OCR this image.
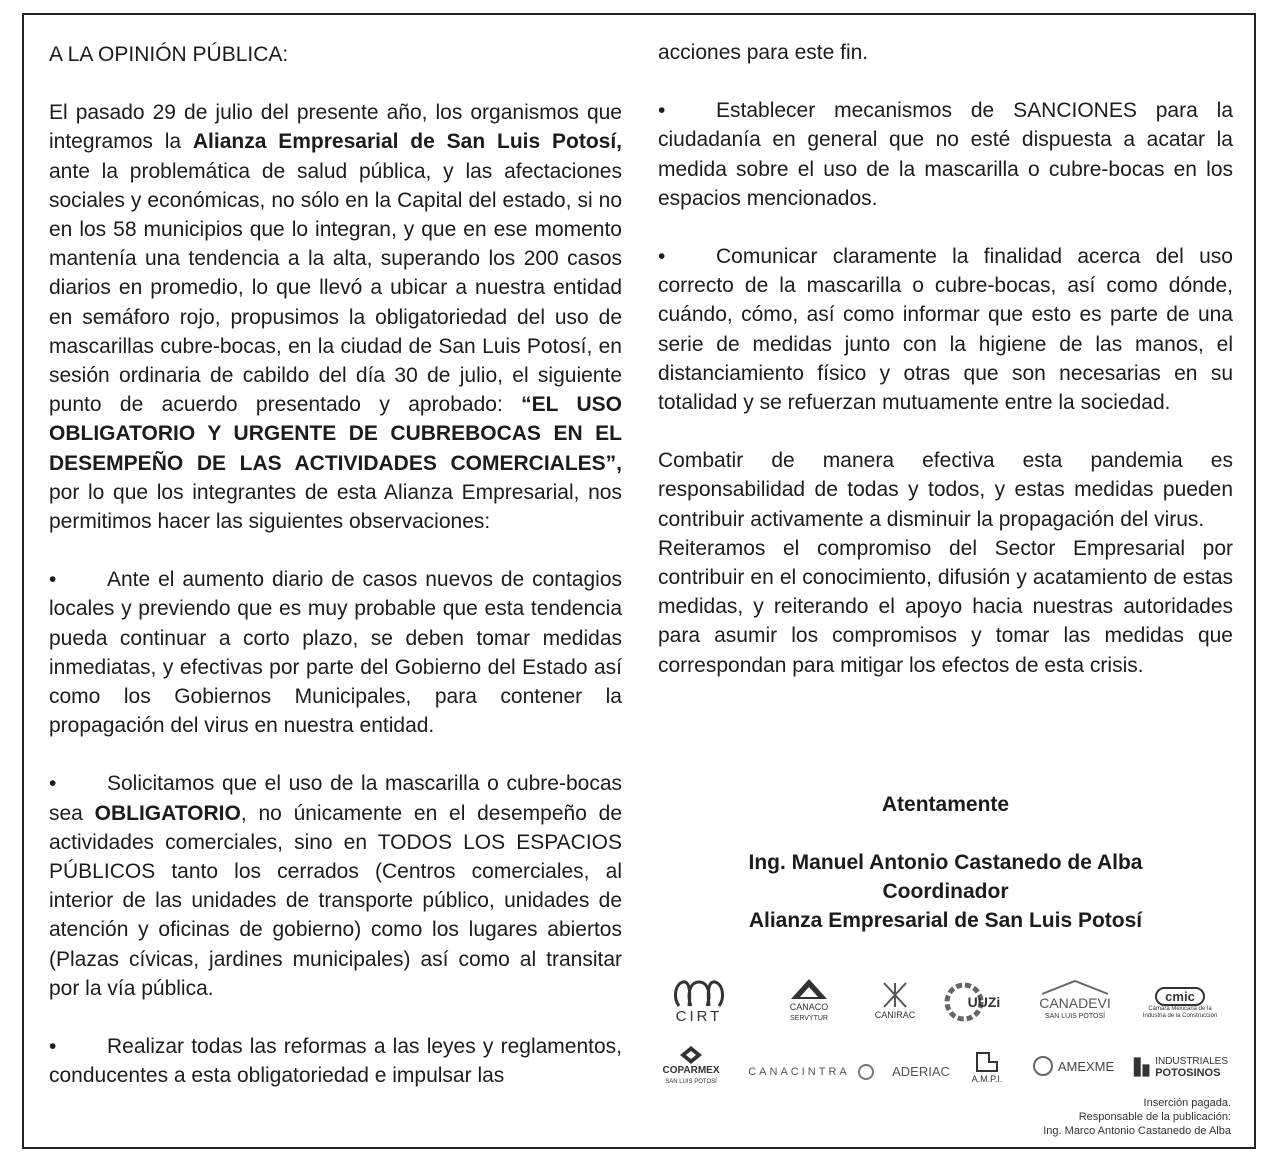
A LA OPINIÓN PÚBLICA:

El pasado 29 de julio del presente año, los organismos que integramos la Alianza Empresarial de San Luis Potosí, ante la problemática de salud pública, y las afectaciones sociales y económicas, no sólo en la Capital del estado, si no en los 58 municipios que lo integran, y que en ese momento mantenía una tendencia a la alta, superando los 200 casos diarios en promedio, lo que llevó a ubicar a nuestra entidad en semáforo rojo, propusimos la obligatoriedad del uso de mascarillas cubre-bocas, en la ciudad de San Luis Potosí, en sesión ordinaria de cabildo del día 30 de julio, el siguiente punto de acuerdo presentado y aprobado: “EL USO OBLIGATORIO Y URGENTE DE CUBREBOCAS EN EL DESEMPEÑO DE LAS ACTIVIDADES COMERCIALES”, por lo que los integrantes de esta Alianza Empresarial, nos permitimos hacer las siguientes observaciones:

• Ante el aumento diario de casos nuevos de contagios locales y previendo que es muy probable que esta tendencia pueda continuar a corto plazo, se deben tomar medidas inmediatas, y efectivas por parte del Gobierno del Estado así como los Gobiernos Municipales, para contener la propagación del virus en nuestra entidad.

• Solicitamos que el uso de la mascarilla o cubre-bocas sea OBLIGATORIO, no únicamente en el desempeño de actividades comerciales, sino en TODOS LOS ESPACIOS PÚBLICOS tanto los cerrados (Centros comerciales, al interior de las unidades de transporte público, unidades de atención y oficinas de gobierno) como los lugares abiertos (Plazas cívicas, jardines municipales) así como al transitar por la vía pública.

• Realizar todas las reformas a las leyes y reglamentos, conducentes a esta obligatoriedad e impulsar las

acciones para este fin.

• Establecer mecanismos de SANCIONES para la ciudadanía en general que no esté dispuesta a acatar la medida sobre el uso de la mascarilla o cubre-bocas en los espacios mencionados.

• Comunicar claramente la finalidad acerca del uso correcto de la mascarilla o cubre-bocas, así como dónde, cuándo, cómo, así como informar que esto es parte de una serie de medidas junto con la higiene de las manos, el distanciamiento físico y otras que son necesarias en su totalidad y se refuerzan mutuamente entre la sociedad.

Combatir de manera efectiva esta pandemia es responsabilidad de todas y todos, y estas medidas pueden contribuir activamente a disminuir la propagación del virus.

Reiteramos el compromiso del Sector Empresarial por contribuir en el conocimiento, difusión y acatamiento de estas medidas, y reiterando el apoyo hacia nuestras autoridades para asumir los compromisos y tomar las medidas que correspondan para mitigar los efectos de esta crisis.

Atentamente
Ing. Manuel Antonio Castanedo de Alba
Coordinador
Alianza Empresarial de San Luis Potosí
CIRT
CANACO
SERVYTUR	CANIRAC
UUZi	CANADEVI
SAN LUIS POTOSÍ
cmic
Cámara Mexicana de la Industria de la Construcción
COPARMEX
SAN LUIS POTOSÍ
CANACINTRA	ADERIAC
A.M.P.I.
AMEXME	INDUSTRIALES
POTOSINOS
Inserción pagada.
Responsable de la publicación:
Ing. Marco Antonio Castanedo de Alba
